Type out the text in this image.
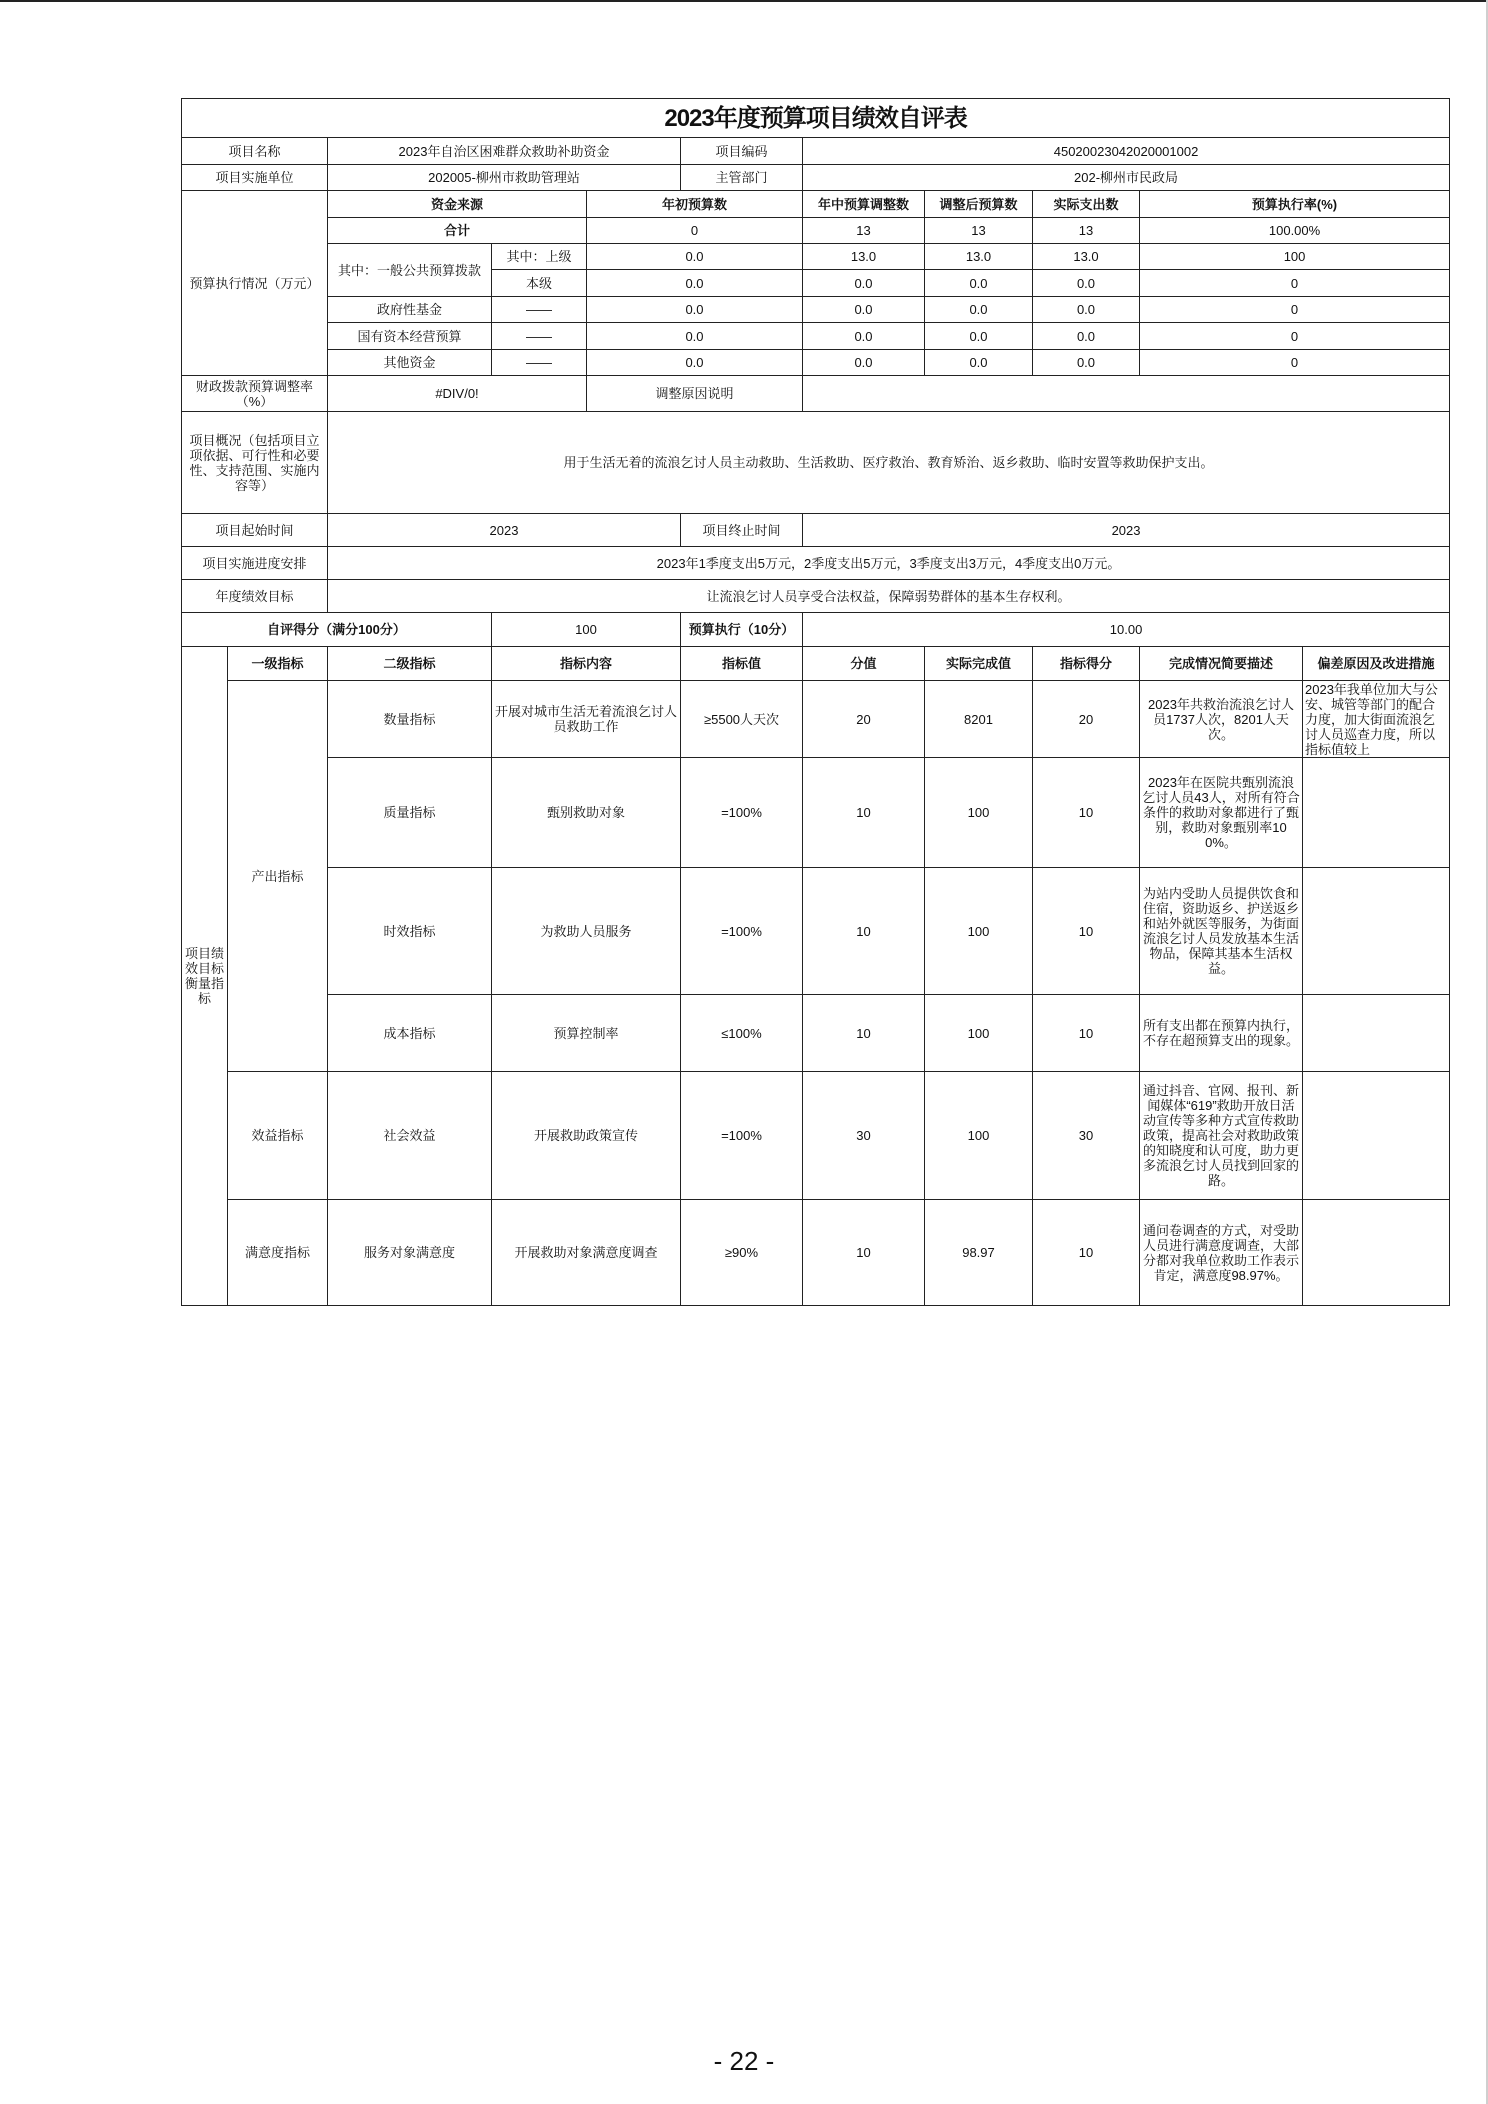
2023年度预算项目绩效自评表										
项目名称		2023年自治区困难群众救助补助资金			项目编码	45020023042020001002				
项目实施单位		202005-柳州市救助管理站			主管部门	202-柳州市民政局				
预算执行情况（万元）		资金来源		年初预算数		年中预算调整数	调整后预算数	实际支出数	预算执行率(%)	
		合计		0		13	13	13	100.00%	
		其中：一般公共预算拨款	其中：上级	0.0		13.0	13.0	13.0	100	
			本级	0.0		0.0	0.0	0.0	0	
		政府性基金	——	0.0		0.0	0.0	0.0	0	
		国有资本经营预算	——	0.0		0.0	0.0	0.0	0	
		其他资金	——	0.0		0.0	0.0	0.0	0	
财政拨款预算调整率（%）		#DIV/0!		调整原因说明						
项目概况（包括项目立项依据、可行性和必要性、支持范围、实施内容等）		用于生活无着的流浪乞讨人员主动救助、生活救助、医疗救治、教育矫治、返乡救助、临时安置等救助保护支出。								
项目起始时间		2023			项目终止时间	2023				
项目实施进度安排		2023年1季度支出5万元，2季度支出5万元，3季度支出3万元，4季度支出0万元。								
年度绩效目标		让流浪乞讨人员享受合法权益，保障弱势群体的基本生存权利。								
自评得分（满分100分）			100		预算执行（10分）	10.00				
项目绩效目标衡量指标	一级指标	二级指标	指标内容		指标值	分值	实际完成值	指标得分	完成情况简要描述	偏差原因及改进措施
	产出指标	数量指标	开展对城市生活无着流浪乞讨人员救助工作		≥5500人天次	20	8201	20	2023年共救治流浪乞讨人员1737人次，8201人天次。	2023年我单位加大与公安、城管等部门的配合力度，加大街面流浪乞讨人员巡查力度，所以指标值较上

		质量指标	甄别救助对象		=100%	10	100	10	2023年在医院共甄别流浪乞讨人员43人，对所有符合条件的救助对象都进行了甄别，救助对象甄别率100%。	
		时效指标	为救助人员服务		=100%	10	100	10	为站内受助人员提供饮食和住宿，资助返乡、护送返乡和站外就医等服务，为街面流浪乞讨人员发放基本生活物品，保障其基本生活权益。	
		成本指标	预算控制率		≤100%	10	100	10	所有支出都在预算内执行，不存在超预算支出的现象。	
	效益指标	社会效益	开展救助政策宣传		=100%	30	100	30	通过抖音、官网、报刊、新闻媒体“619”救助开放日活动宣传等多种方式宣传救助政策，提高社会对救助政策的知晓度和认可度，助力更多流浪乞讨人员找到回家的路。	
	满意度指标	服务对象满意度	开展救助对象满意度调查		≥90%	10	98.97	10	通问卷调查的方式，对受助人员进行满意度调查，大部分都对我单位救助工作表示肯定，满意度98.97%。	
- 22 -
